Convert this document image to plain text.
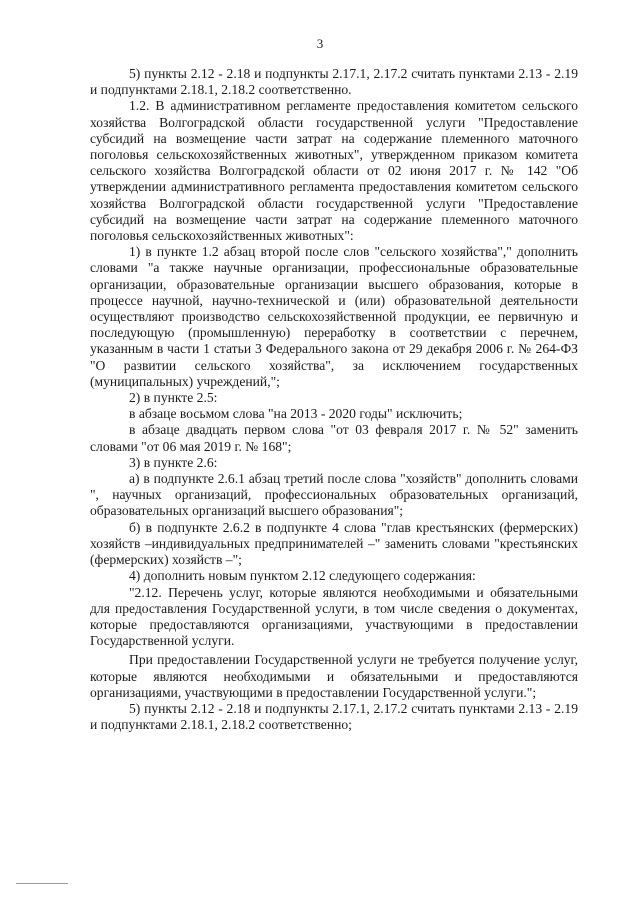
3

5) пункты 2.12 - 2.18 и подпункты 2.17.1, 2.17.2 считать пунктами 2.13 - 2.19 и подпунктами 2.18.1, 2.18.2 соответственно.

1.2. В административном регламенте предоставления комитетом сельского хозяйства Волгоградской области государственной услуги "Предоставление субсидий на возмещение части затрат на содержание племенного маточного поголовья сельскохозяйственных животных", утвержденном приказом комитета сельского хозяйства Волгоградской области от 02 июня 2017 г. № 142 "Об утверждении административного регламента предоставления комитетом сельского хозяйства Волгоградской области государственной услуги "Предоставление субсидий на возмещение части затрат на содержание племенного маточного поголовья сельскохозяйственных животных":

1) в пункте 1.2 абзац второй после слов "сельского хозяйства"," дополнить словами "а также научные организации, профессиональные образовательные организации, образовательные организации высшего образования, которые в процессе научной, научно-технической и (или) образовательной деятельности осуществляют производство сельскохозяйственной продукции, ее первичную и последующую (промышленную) переработку в соответствии с перечнем, указанным в части 1 статьи 3 Федерального закона от 29 декабря 2006 г. № 264-ФЗ "О развитии сельского хозяйства", за исключением государственных (муниципальных) учреждений,";

2) в пункте 2.5:

в абзаце восьмом слова "на 2013 - 2020 годы" исключить;

в абзаце двадцать первом слова "от 03 февраля 2017 г. № 52" заменить словами "от 06 мая 2019 г. № 168";

3) в пункте 2.6:

а) в подпункте 2.6.1 абзац третий после слова "хозяйств" дополнить словами ", научных организаций, профессиональных образовательных организаций, образовательных организаций высшего образования";

б) в подпункте 2.6.2 в подпункте 4 слова "глав крестьянских (фермерских) хозяйств –индивидуальных предпринимателей –" заменить словами "крестьянских (фермерских) хозяйств –";

4) дополнить новым пунктом 2.12 следующего содержания:

"2.12. Перечень услуг, которые являются необходимыми и обязательными для предоставления Государственной услуги, в том числе сведения о документах, которые предоставляются организациями, участвующими в предоставлении Государственной услуги.

При предоставлении Государственной услуги не требуется получение услуг, которые являются необходимыми и обязательными и предоставляются организациями, участвующими в предоставлении Государственной услуги.";

5) пункты 2.12 - 2.18 и подпункты 2.17.1, 2.17.2 считать пунктами 2.13 - 2.19 и подпунктами 2.18.1, 2.18.2 соответственно;
